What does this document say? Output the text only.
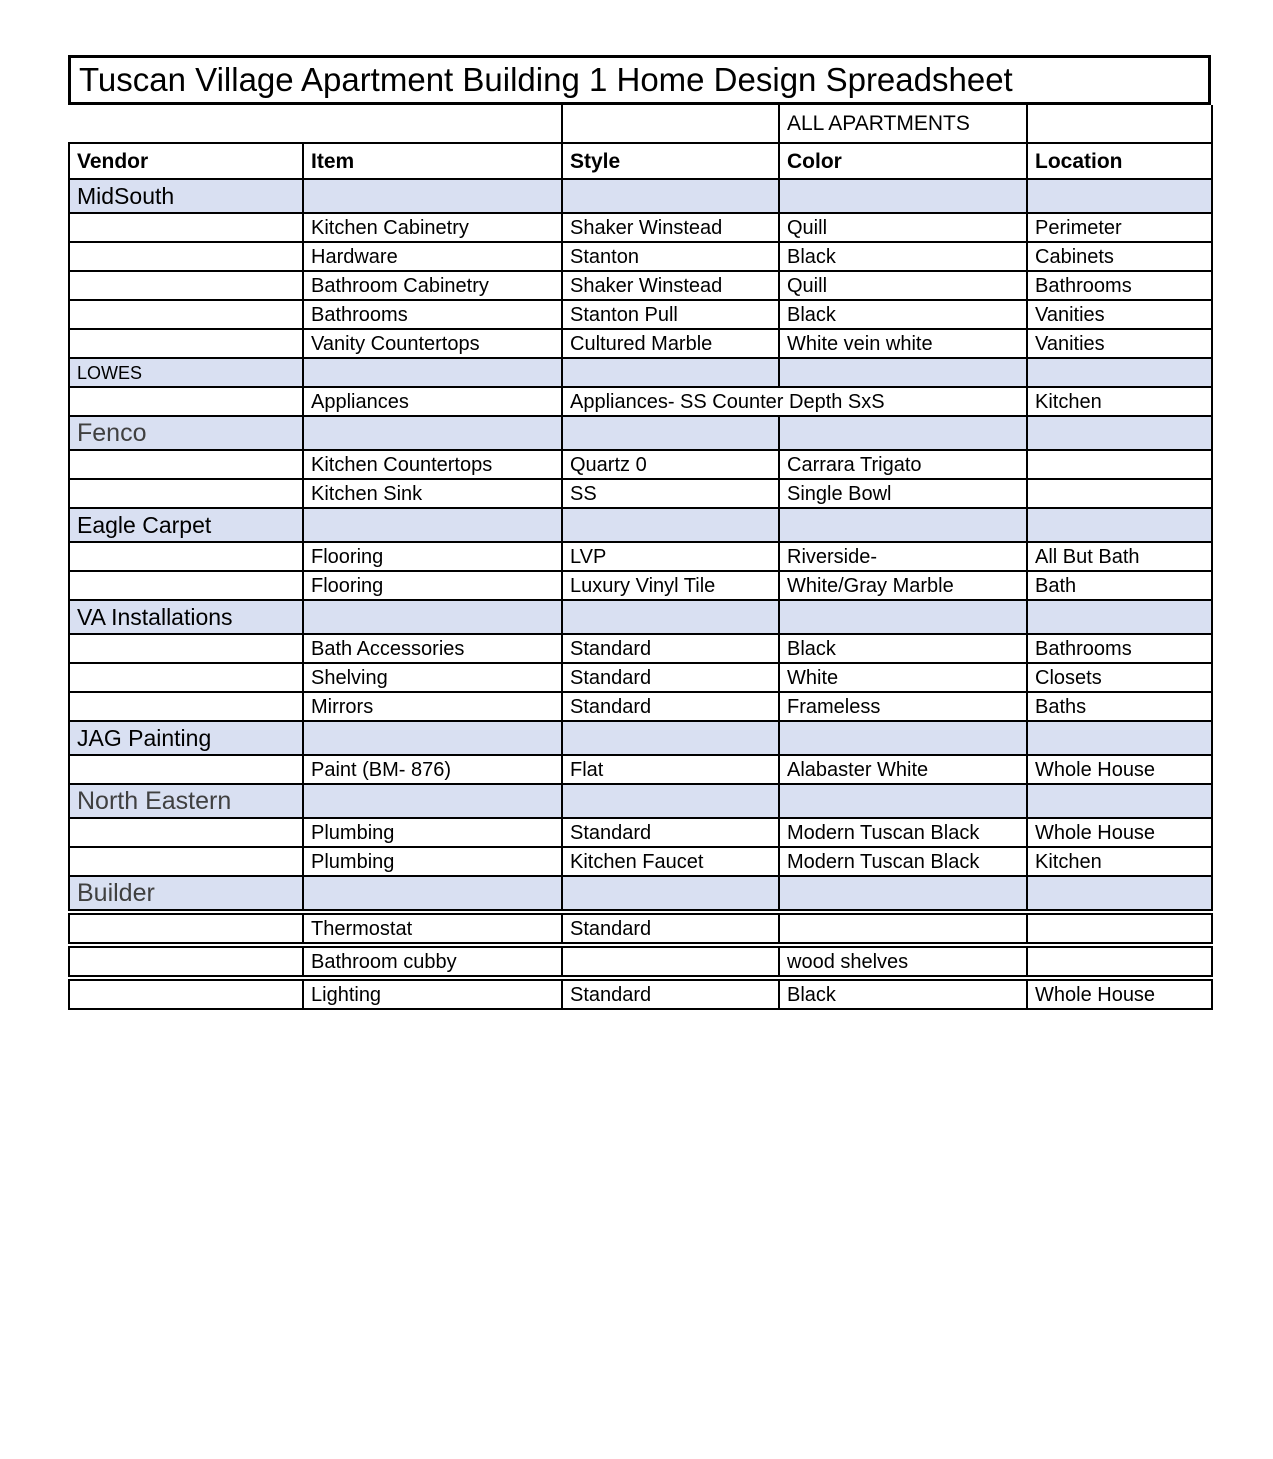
Tuscan Village Apartment Building 1 Home Design Spreadsheet
			ALL APARTMENTS	
Vendor	Item	Style	Color	Location
MidSouth				
	Kitchen Cabinetry	Shaker Winstead	Quill	Perimeter
	Hardware	Stanton	Black	Cabinets
	Bathroom Cabinetry	Shaker Winstead	Quill	Bathrooms
	Bathrooms	Stanton Pull	Black	Vanities
	Vanity Countertops	Cultured Marble	White vein white	Vanities
LOWES				
	Appliances	Appliances- SS Counter Depth SxS		Kitchen
Fenco				
	Kitchen Countertops	Quartz 0	Carrara Trigato	
	Kitchen Sink	SS	Single Bowl	
Eagle Carpet				
	Flooring	LVP	Riverside-	All But Bath
	Flooring	Luxury Vinyl Tile	White/Gray Marble	Bath
VA Installations				
	Bath Accessories	Standard	Black	Bathrooms
	Shelving	Standard	White	Closets
	Mirrors	Standard	Frameless	Baths
JAG Painting				
	Paint (BM- 876)	Flat	Alabaster White	Whole House
North Eastern				
	Plumbing	Standard	Modern Tuscan Black	Whole House
	Plumbing	Kitchen Faucet	Modern Tuscan Black	Kitchen
Builder				

	Thermostat	Standard		

	Bathroom cubby		wood shelves	

	Lighting	Standard	Black	Whole House
